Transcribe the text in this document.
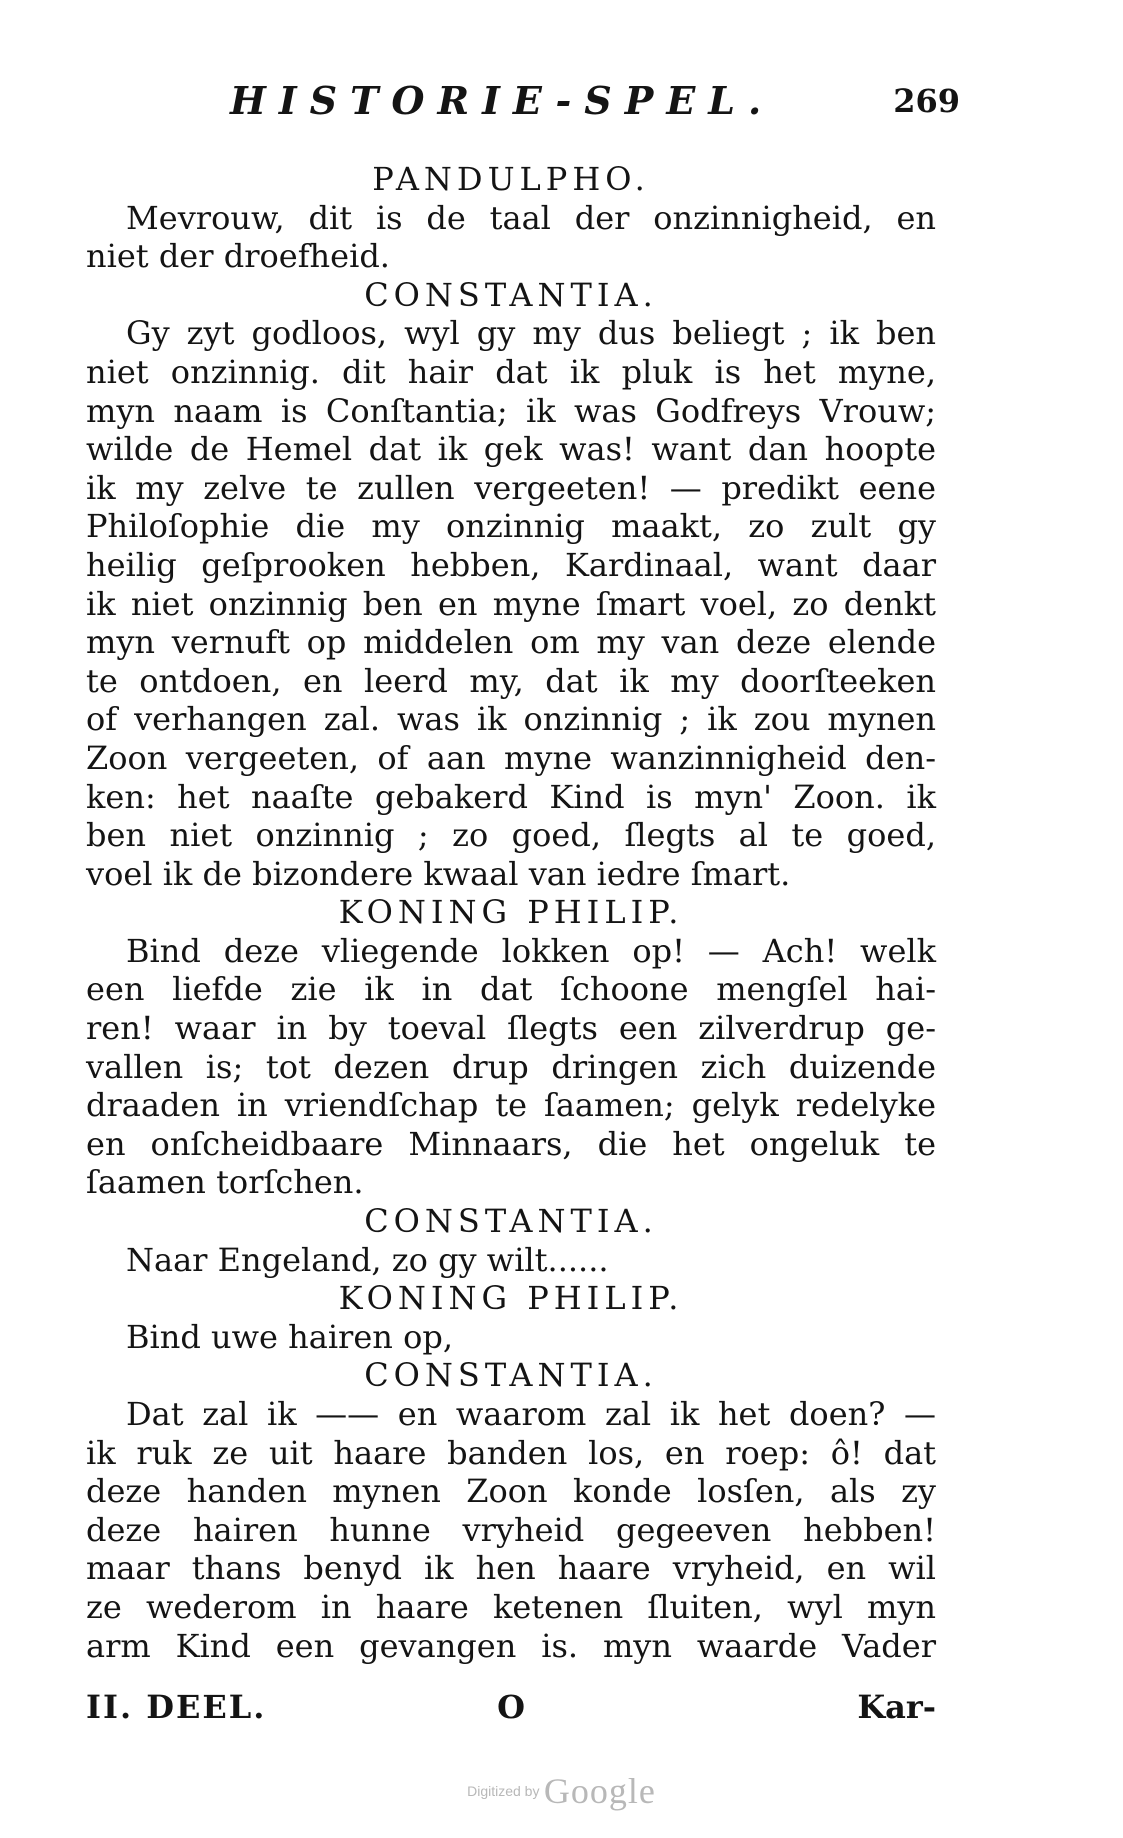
HISTORIE-SPEL.	269
PANDULPHO.
Mevrouw, dit is de taal der onzinnigheid, en
niet der droefheid.
CONSTANTIA.
Gy zyt godloos, wyl gy my dus beliegt ; ik ben
niet onzinnig. dit hair dat ik pluk is het myne,
myn naam is Conſtantia; ik was Godfreys Vrouw;
wilde de Hemel dat ik gek was! want dan hoopte
ik my zelve te zullen vergeeten! — predikt eene
Philoſophie die my onzinnig maakt, zo zult gy
heilig geſprooken hebben, Kardinaal, want daar
ik niet onzinnig ben en myne ſmart voel, zo denkt
myn vernuft op middelen om my van deze elende
te ontdoen, en leerd my, dat ik my doorſteeken
of verhangen zal. was ik onzinnig ; ik zou mynen
Zoon vergeeten, of aan myne wanzinnigheid den-
ken: het naaſte gebakerd Kind is myn' Zoon. ik
ben niet onzinnig ; zo goed, ſlegts al te goed,
voel ik de bizondere kwaal van iedre ſmart.
KONING PHILIP.
Bind deze vliegende lokken op! — Ach! welk
een liefde zie ik in dat ſchoone mengſel hai-
ren! waar in by toeval ſlegts een zilverdrup ge-
vallen is; tot dezen drup dringen zich duizende
draaden in vriendſchap te ſaamen; gelyk redelyke
en onſcheidbaare Minnaars, die het ongeluk te
ſaamen torſchen.
CONSTANTIA.
Naar Engeland, zo gy wilt......
KONING PHILIP.
Bind uwe hairen op,
CONSTANTIA.
Dat zal ik —— en waarom zal ik het doen? —
ik ruk ze uit haare banden los, en roep: ô! dat
deze handen mynen Zoon konde losſen, als zy
deze hairen hunne vryheid gegeeven hebben!
maar thans benyd ik hen haare vryheid, en wil
ze wederom in haare ketenen ſluiten, wyl myn
arm Kind een gevangen is. myn waarde Vader
II. DEEL.	O	Kar-
Digitized by Google
